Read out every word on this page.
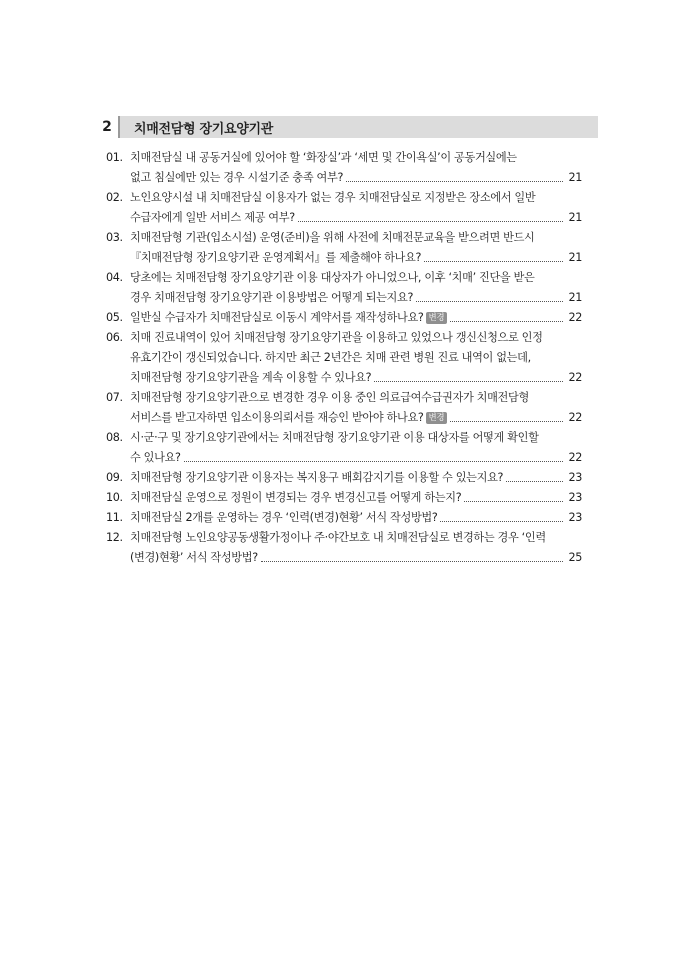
2	치매전담형 장기요양기관
01. 치매전담실 내 공동거실에 있어야 할 ‘화장실’과 ‘세면 및 간이욕실’이 공동거실에는
없고 침실에만 있는 경우 시설기준 충족 여부?	21
02. 노인요양시설 내 치매전담실 이용자가 없는 경우 치매전담실로 지정받은 장소에서 일반
수급자에게 일반 서비스 제공 여부?	21
03. 치매전담형 기관(입소시설) 운영(준비)을 위해 사전에 치매전문교육을 받으려면 반드시
『치매전담형 장기요양기관 운영계획서』를 제출해야 하나요?	21
04. 당초에는 치매전담형 장기요양기관 이용 대상자가 아니었으나, 이후 ‘치매’ 진단을 받은
경우 치매전담형 장기요양기관 이용방법은 어떻게 되는지요?	21
05. 일반실 수급자가 치매전담실로 이동시 계약서를 재작성하나요? 변경	22
06. 치매 진료내역이 있어 치매전담형 장기요양기관을 이용하고 있었으나 갱신신청으로 인정
유효기간이 갱신되었습니다. 하지만 최근 2년간은 치매 관련 병원 진료 내역이 없는데,
치매전담형 장기요양기관을 계속 이용할 수 있나요?	22
07. 치매전담형 장기요양기관으로 변경한 경우 이용 중인 의료급여수급권자가 치매전담형
서비스를 받고자하면 입소이용의뢰서를 재승인 받아야 하나요? 변경	22
08. 시·군·구 및 장기요양기관에서는 치매전담형 장기요양기관 이용 대상자를 어떻게 확인할
수 있나요?	22
09. 치매전담형 장기요양기관 이용자는 복지용구 배회감지기를 이용할 수 있는지요?	23
10. 치매전담실 운영으로 정원이 변경되는 경우 변경신고를 어떻게 하는지?	23
11. 치매전담실 2개를 운영하는 경우 ‘인력(변경)현황’ 서식 작성방법?	23
12. 치매전담형 노인요양공동생활가정이나 주·야간보호 내 치매전담실로 변경하는 경우 ‘인력
(변경)현황’ 서식 작성방법?	25
